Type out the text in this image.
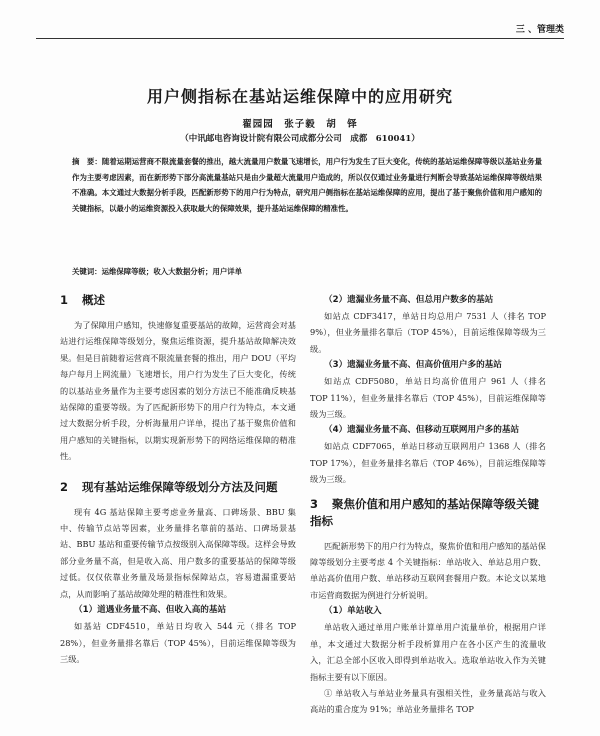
三 、管理类
用户侧指标在基站运维保障中的应用研究
翟园园　张子毅　胡　铎
（中讯邮电咨询设计院有限公司成都分公司　成都　610041）
摘　要：随着运期运营商不限流量套餐的推出，越大流量用户数量飞速增长，用户行为发生了巨大变化，传统的基站运维保障等级以基站业务量作为主要考虑因素，而在新形势下部分高流量基站只是由少量超大流量用户造成的，所以仅仅通过业务量进行判断会导致基站运维保障等级结果不准确。本文通过大数据分析手段，匹配新形势下的用户行为特点，研究用户侧指标在基站运维保障的应用，提出了基于聚焦价值和用户感知的关键指标，以最小的运维资源投入获取最大的保障效果，提升基站运维保障的精准性。
关键词：运维保障等级；收入大数据分析；用户详单
1 概述

为了保障用户感知，快速修复重要基站的故障，运营商会对基站进行运维保障等级划分，聚焦运维资源，提升基站故障解决效果。但是目前随着运营商不限流量套餐的推出，用户 DOU（平均每户每月上网流量）飞速增长，用户行为发生了巨大变化，传统的以基站业务量作为主要考虑因素的划分方法已不能准确反映基站保障的重要等级。为了匹配新形势下的用户行为特点，本文通过大数据分析手段，分析海量用户详单，提出了基于聚焦价值和用户感知的关键指标，以期实现新形势下的网络运维保障的精准性。

2 现有基站运维保障等级划分方法及问题

现有 4G 基站保障主要考虑业务量高、口碑场景、BBU 集中、传输节点站等因素，业务量排名靠前的基站、口碑场景基站、BBU 基站和重要传输节点按级别入高保障等级。这样会导致部分业务量不高，但是收入高、用户数多的重要基站的保障等级过低。仅仅依靠业务量及场景指标保障站点，容易遗漏重要站点，从而影响了基站故障处理的精准性和效果。

（1）道遇业务量不高、但收入高的基站

如基站 CDF4510，单站日均收入 544 元（排名 TOP 28%），但业务量排名靠后（TOP 45%），目前运维保障等级为三级。

（2）遗漏业务量不高、但总用户数多的基站

如站点 CDF3417，单站日均总用户 7531 人（排名 TOP 9%），但业务量排名靠后（TOP 45%），目前运维保障等级为三级。

（3）遗漏业务量不高、但高价值用户多的基站

如站点 CDF5080，单站日均高价值用户 961 人（排名 TOP 11%），但业务量排名靠后（TOP 45%），目前运维保障等级为三级。

（4）遗漏业务量不高、但移动互联网用户多的基站

如站点 CDF7065，单站日移动互联网用户 1368 人（排名 TOP 17%），但业务量排名靠后（TOP 46%），目前运维保障等级为三级。

3 聚焦价值和用户感知的基站保障等级关键指标

匹配新形势下的用户行为特点，聚焦价值和用户感知的基站保障等级划分主要考虑 4 个关键指标：单站收入、单站总用户数、单站高价值用户数、单站移动互联网套餐用户数。本论文以某地市运营商数据为例进行分析说明。

（1）单站收入

单站收入通过单用户账单计算单用户流量单价，根据用户详单，本文通过大数据分析手段析算用户在各小区产生的流量收入，汇总全部小区收入即得到单站收入。选取单站收入作为关键指标主要有以下原因。

① 单站收入与单站业务量具有强相关性，业务量高站与收入高站的重合度为 91%；单站业务量排名 TOP
